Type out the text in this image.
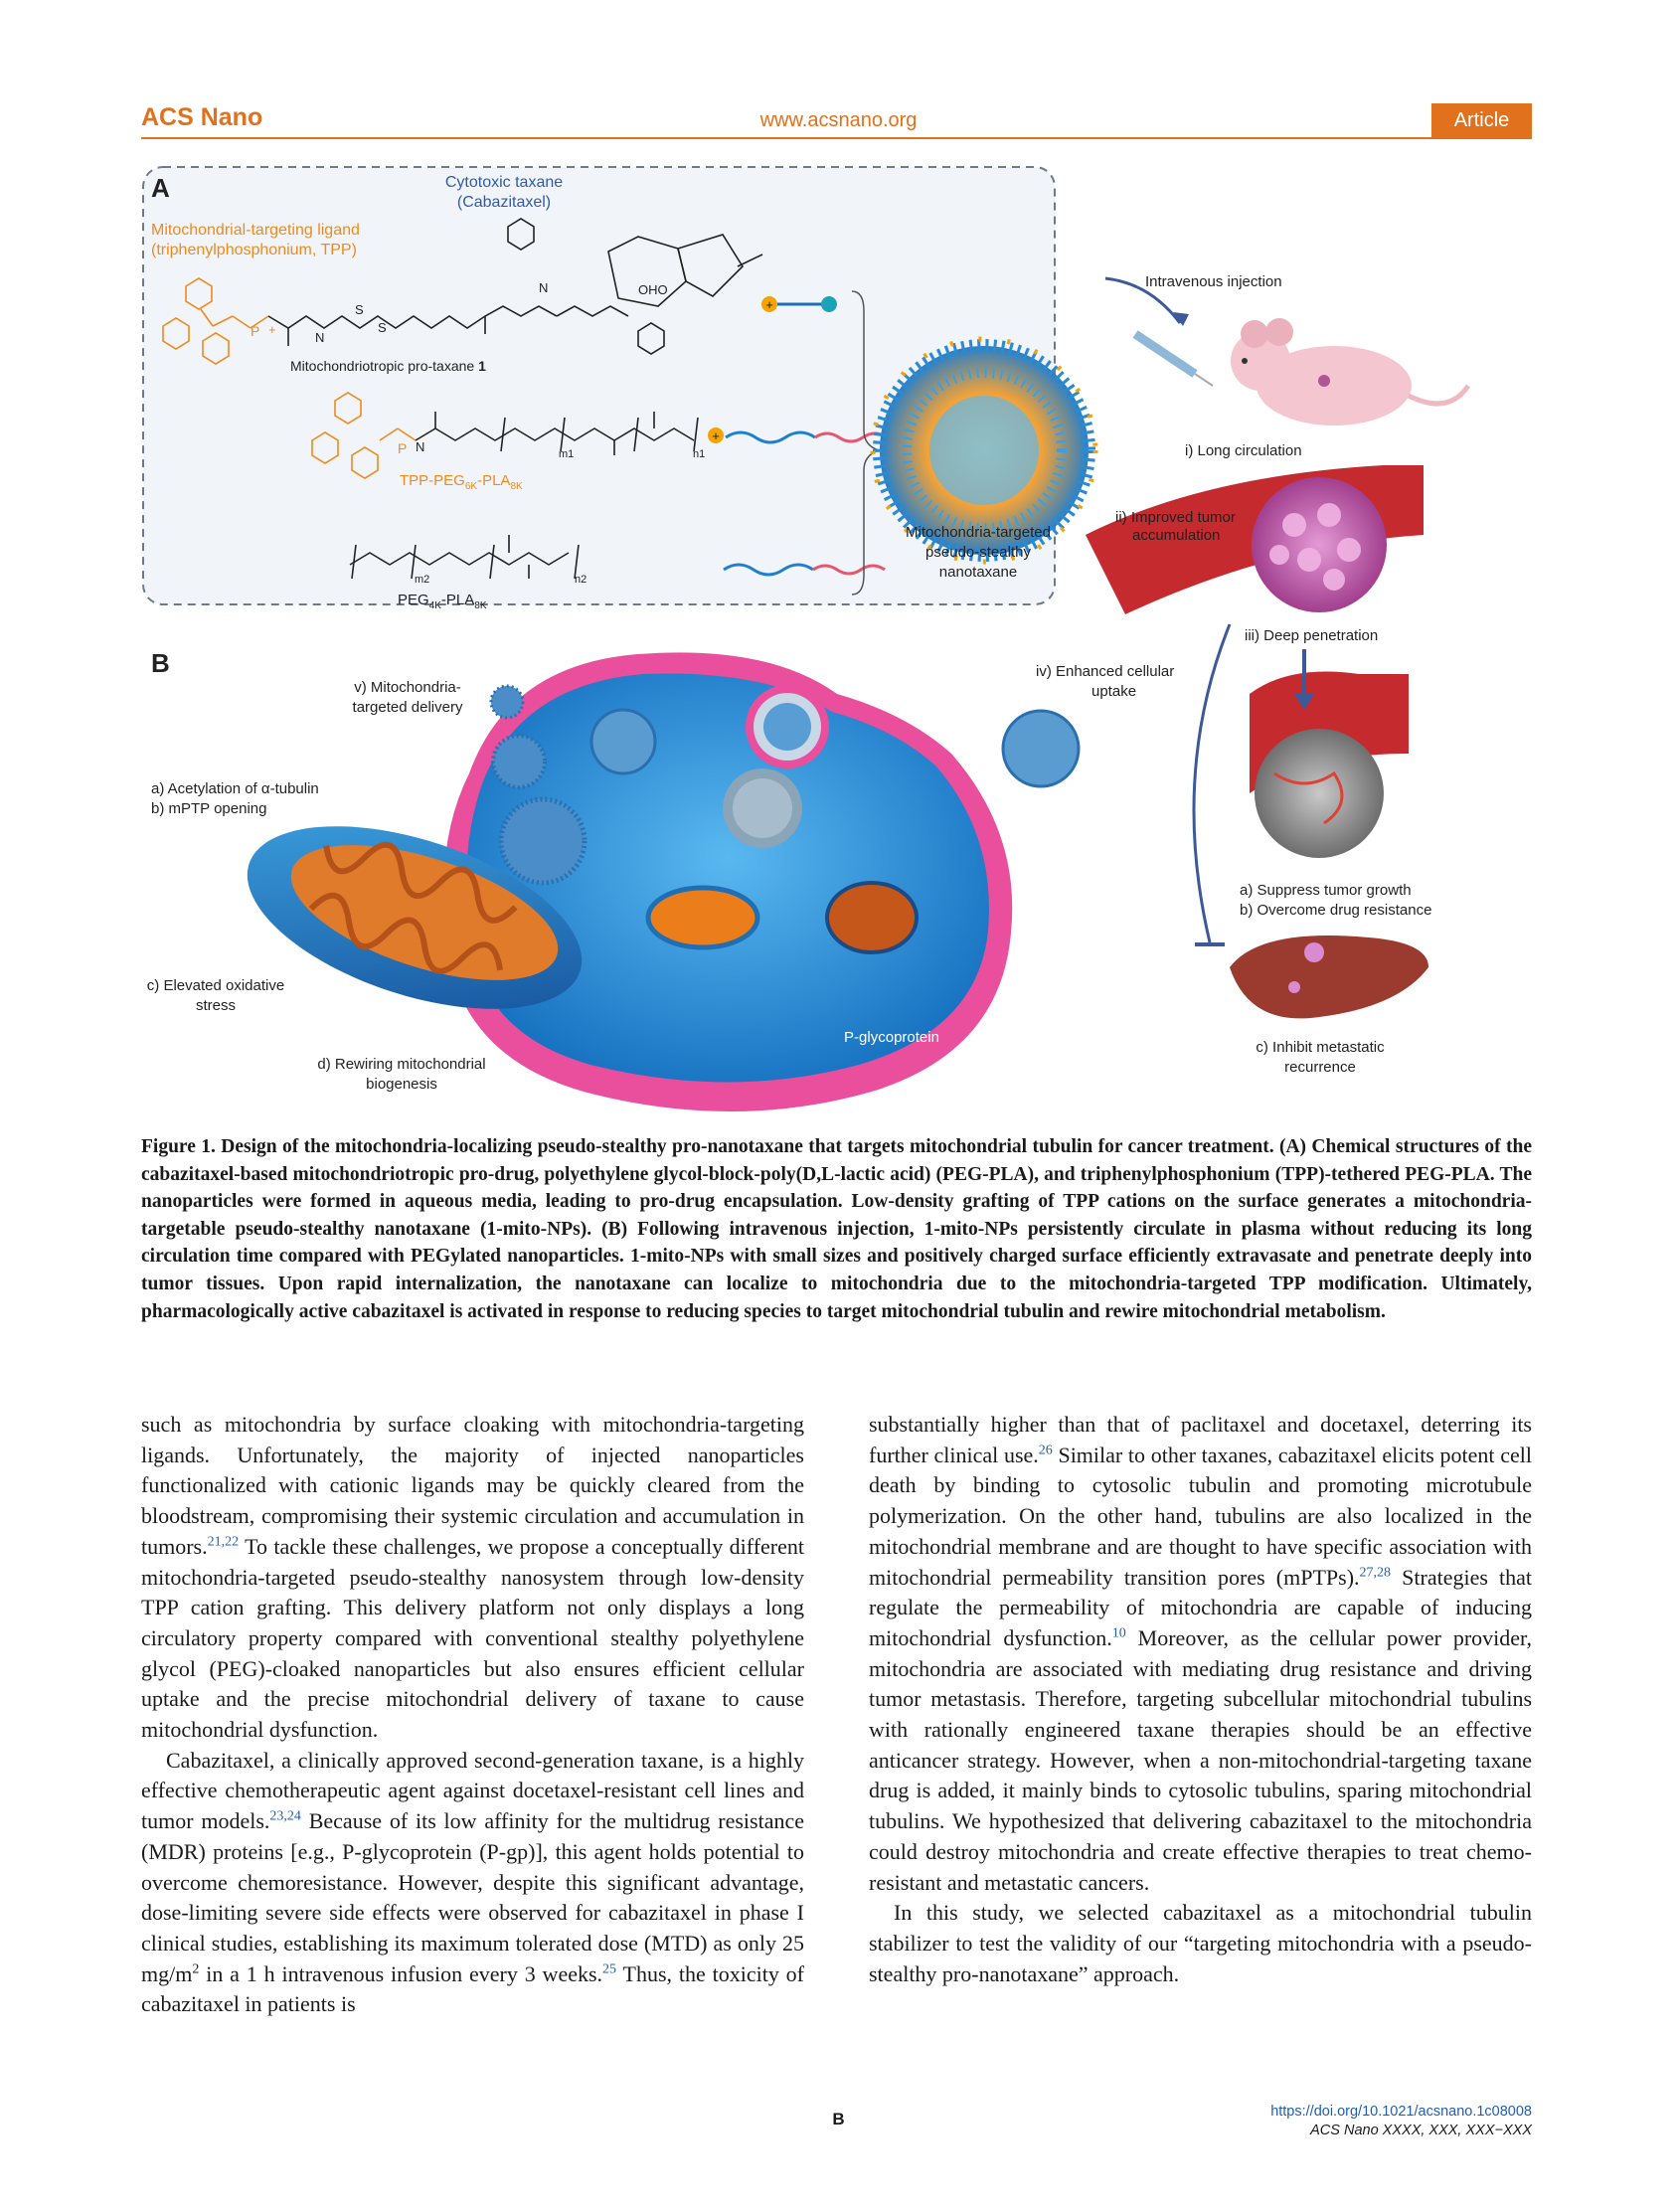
ACS Nano	www.acsnano.org	Article
A	Cytotoxic taxane
(Cabazitaxel)
Mitochondrial-targeting ligand
(triphenylphosphonium, TPP)
P +
S
S
N
N	OHO
Mitochondriotropic pro-taxane 1
+
P N	m1	n1
TPP-$PEG_{6K}-PLA_{8K}$
+
m2	n2
$PEG_{4K}-PLA_{8K}$
Mitochondria-targeted
pseudo-stealthy
nanotaxane
Intravenous injection
i) Long circulation
ii) Improved tumor
accumulation
iii) Deep penetration
B	iv) Enhanced cellular
uptake
v) Mitochondria-
targeted delivery
a) Acetylation of α-tubulin
b) mPTP opening
c) Elevated oxidative
stress
d) Rewiring mitochondrial
biogenesis
P-glycoprotein
a) Suppress tumor growth
b) Overcome drug resistance
c) Inhibit metastatic
recurrence
Figure 1. Design of the mitochondria-localizing pseudo-stealthy pro-nanotaxane that targets mitochondrial tubulin for cancer treatment. (A) Chemical structures of the cabazitaxel-based mitochondriotropic pro-drug, polyethylene glycol-block-poly(D,L-lactic acid) (PEG-PLA), and triphenylphosphonium (TPP)-tethered PEG-PLA. The nanoparticles were formed in aqueous media, leading to pro-drug encapsulation. Low-density grafting of TPP cations on the surface generates a mitochondria-targetable pseudo-stealthy nanotaxane (1-mito-NPs). (B) Following intravenous injection, 1-mito-NPs persistently circulate in plasma without reducing its long circulation time compared with PEGylated nanoparticles. 1-mito-NPs with small sizes and positively charged surface efficiently extravasate and penetrate deeply into tumor tissues. Upon rapid internalization, the nanotaxane can localize to mitochondria due to the mitochondria-targeted TPP modification. Ultimately, pharmacologically active cabazitaxel is activated in response to reducing species to target mitochondrial tubulin and rewire mitochondrial metabolism.

such as mitochondria by surface cloaking with mitochondria-targeting ligands. Unfortunately, the majority of injected nanoparticles functionalized with cationic ligands may be quickly cleared from the bloodstream, compromising their systemic circulation and accumulation in tumors.$^{21,22}$ To tackle these challenges, we propose a conceptually different mitochondria-targeted pseudo-stealthy nanosystem through low-density TPP cation grafting. This delivery platform not only displays a long circulatory property compared with conventional stealthy polyethylene glycol (PEG)-cloaked nanoparticles but also ensures efficient cellular uptake and the precise mitochondrial delivery of taxane to cause mitochondrial dysfunction.

Cabazitaxel, a clinically approved second-generation taxane, is a highly effective chemotherapeutic agent against docetaxel-resistant cell lines and tumor models.$^{23,24}$ Because of its low affinity for the multidrug resistance (MDR) proteins [e.g., P-glycoprotein (P-gp)], this agent holds potential to overcome chemoresistance. However, despite this significant advantage, dose-limiting severe side effects were observed for cabazitaxel in phase I clinical studies, establishing its maximum tolerated dose (MTD) as only 25 $mg/m^2$ in a 1 h intravenous infusion every 3 weeks.$^{25}$ Thus, the toxicity of cabazitaxel in patients is

substantially higher than that of paclitaxel and docetaxel, deterring its further clinical use.$^{26}$ Similar to other taxanes, cabazitaxel elicits potent cell death by binding to cytosolic tubulin and promoting microtubule polymerization. On the other hand, tubulins are also localized in the mitochondrial membrane and are thought to have specific association with mitochondrial permeability transition pores (mPTPs).$^{27,28}$ Strategies that regulate the permeability of mitochondria are capable of inducing mitochondrial dysfunction.$^{10}$ Moreover, as the cellular power provider, mitochondria are associated with mediating drug resistance and driving tumor metastasis. Therefore, targeting subcellular mitochondrial tubulins with rationally engineered taxane therapies should be an effective anticancer strategy. However, when a non-mitochondrial-targeting taxane drug is added, it mainly binds to cytosolic tubulins, sparing mitochondrial tubulins. We hypothesized that delivering cabazitaxel to the mitochondria could destroy mitochondria and create effective therapies to treat chemo-resistant and metastatic cancers.

In this study, we selected cabazitaxel as a mitochondrial tubulin stabilizer to test the validity of our “targeting mitochondria with a pseudo-stealthy pro-nanotaxane” approach.

B	https://doi.org/10.1021/acsnano.1c08008
ACS Nano XXXX, XXX, XXX−XXX
